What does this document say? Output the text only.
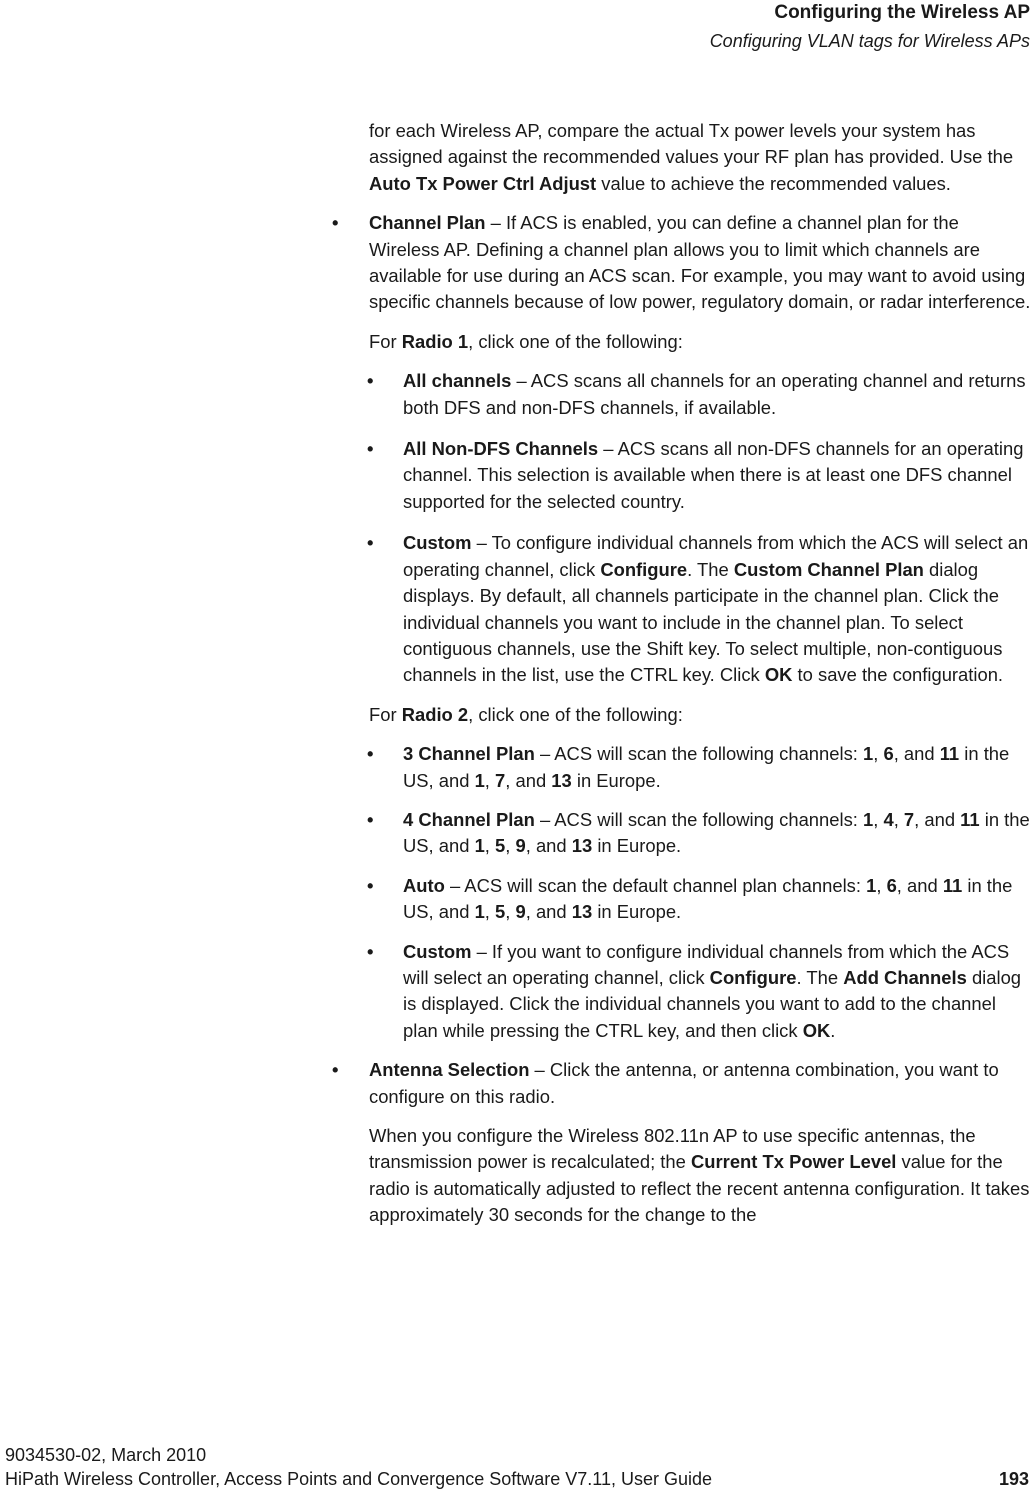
Configuring the Wireless AP
Configuring VLAN tags for Wireless APs

for each Wireless AP, compare the actual Tx power levels your system has assigned against the recommended values your RF plan has provided. Use the Auto Tx Power Ctrl Adjust value to achieve the recommended values.

• Channel Plan – If ACS is enabled, you can define a channel plan for the Wireless AP. Defining a channel plan allows you to limit which channels are available for use during an ACS scan. For example, you may want to avoid using specific channels because of low power, regulatory domain, or radar interference.

For Radio 1, click one of the following:

• All channels – ACS scans all channels for an operating channel and returns both DFS and non-DFS channels, if available.

• All Non-DFS Channels – ACS scans all non-DFS channels for an operating channel. This selection is available when there is at least one DFS channel supported for the selected country.

• Custom – To configure individual channels from which the ACS will select an operating channel, click Configure. The Custom Channel Plan dialog displays. By default, all channels participate in the channel plan. Click the individual channels you want to include in the channel plan. To select contiguous channels, use the Shift key. To select multiple, non-contiguous channels in the list, use the CTRL key. Click OK to save the configuration.

For Radio 2, click one of the following:

• 3 Channel Plan – ACS will scan the following channels: 1, 6, and 11 in the US, and 1, 7, and 13 in Europe.

• 4 Channel Plan – ACS will scan the following channels: 1, 4, 7, and 11 in the US, and 1, 5, 9, and 13 in Europe.

• Auto – ACS will scan the default channel plan channels: 1, 6, and 11 in the US, and 1, 5, 9, and 13 in Europe.

• Custom – If you want to configure individual channels from which the ACS will select an operating channel, click Configure. The Add Channels dialog is displayed. Click the individual channels you want to add to the channel plan while pressing the CTRL key, and then click OK.

• Antenna Selection – Click the antenna, or antenna combination, you want to configure on this radio.

When you configure the Wireless 802.11n AP to use specific antennas, the transmission power is recalculated; the Current Tx Power Level value for the radio is automatically adjusted to reflect the recent antenna configuration. It takes approximately 30 seconds for the change to the

9034530-02, March 2010
HiPath Wireless Controller, Access Points and Convergence Software V7.11, User Guide	193
